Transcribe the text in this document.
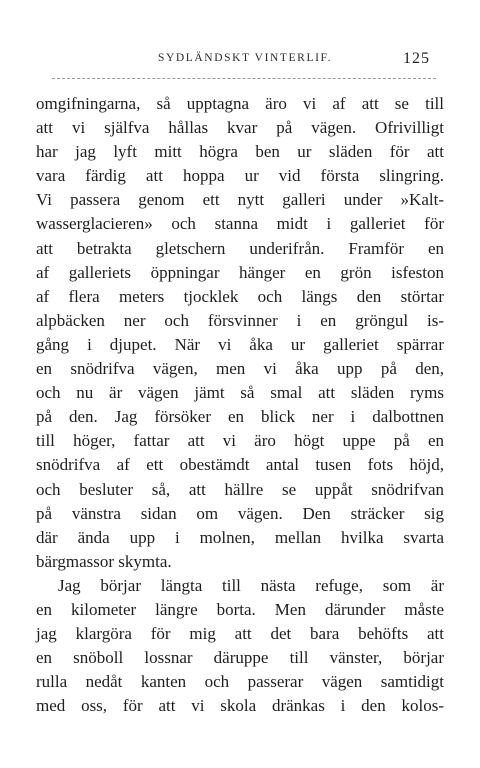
SYDLÄNDSKT VINTERLIF.	125
omgifningarna, så upptagna äro vi af att se till
att vi själfva hållas kvar på vägen. Ofrivilligt
har jag lyft mitt högra ben ur släden för att
vara färdig att hoppa ur vid första slingring.
Vi passera genom ett nytt galleri under »Kalt-
wasserglacieren» och stanna midt i galleriet för
att betrakta gletschern underifrån. Framför en
af galleriets öppningar hänger en grön isfeston
af flera meters tjocklek och längs den störtar
alpbäcken ner och försvinner i en gröngul is-
gång i djupet. När vi åka ur galleriet spärrar
en snödrifva vägen, men vi åka upp på den,
och nu är vägen jämt så smal att släden ryms
på den. Jag försöker en blick ner i dalbottnen
till höger, fattar att vi äro högt uppe på en
snödrifva af ett obestämdt antal tusen fots höjd,
och besluter så, att hällre se uppåt snödrifvan
på vänstra sidan om vägen. Den sträcker sig
där ända upp i molnen, mellan hvilka svarta
bärgmassor skymta.
Jag börjar längta till nästa refuge, som är
en kilometer längre borta. Men därunder måste
jag klargöra för mig att det bara behöfts att
en snöboll lossnar däruppe till vänster, börjar
rulla nedåt kanten och passerar vägen samtidigt
med oss, för att vi skola dränkas i den kolos-
